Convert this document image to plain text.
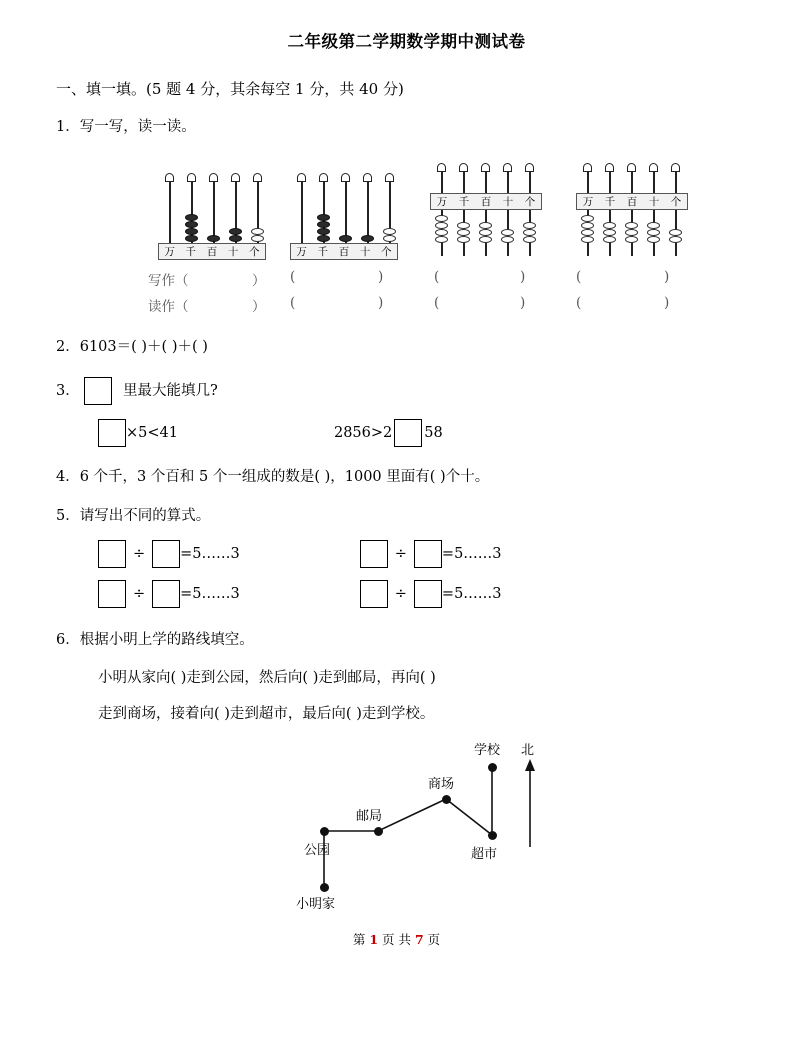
二年级第二学期数学期中测试卷
一、填一填。(5 题 4 分，其余每空 1 分，共 40 分)
1．写一写，读一读。
万	千	百	十	个	万	千	百	十	个
万	千	百	十	个	万	千	百	十	个
写作（	） (	)	(	)	(	)
读作（	） (	)	(	)	(	)
2．6103＝( )＋( )＋( )
3．	里最大能填几?
×5<41	2856>2 58
4．6 个千，3 个百和 5 个一组成的数是( )，1000 里面有( )个十。
5．请写出不同的算式。
÷ =5……3	÷ =5……3
÷ =5……3	÷ =5……3
6．根据小明上学的路线填空。
小明从家向( )走到公园，然后向( )走到邮局，再向( )
走到商场，接着向( )走到超市，最后向( )走到学校。
学校 北
商场
邮局
公园	超市
小明家
第 1 页 共 7 页
